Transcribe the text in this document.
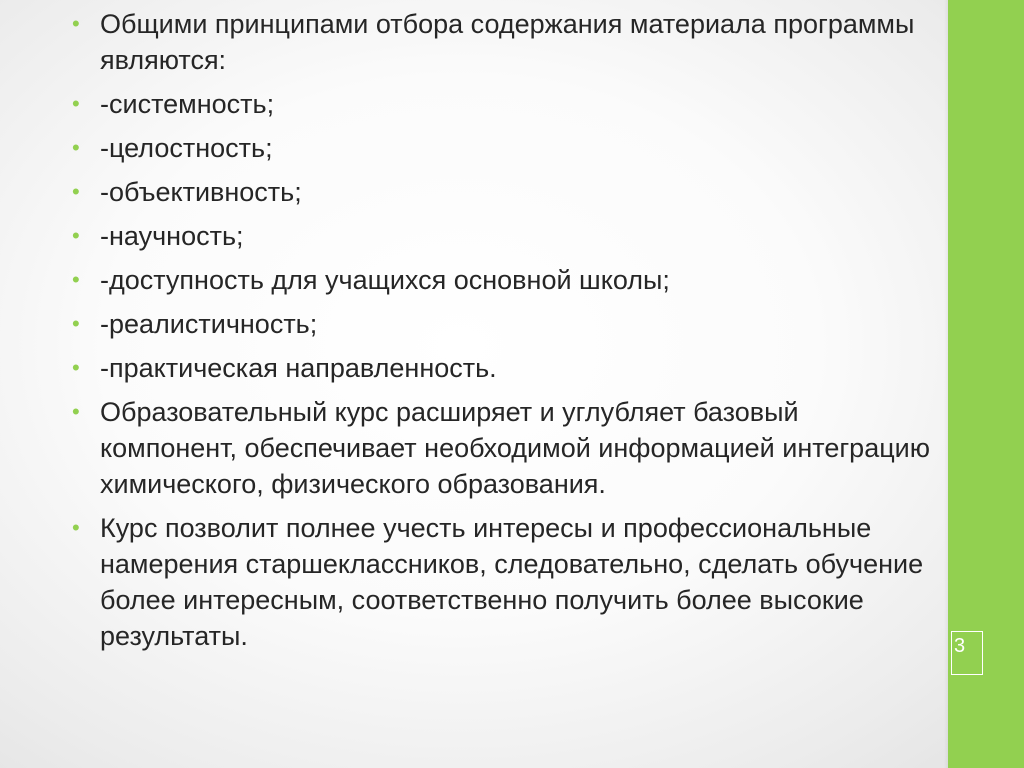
• Общими принципами отбора содержания материала программы являются:
• -системность;
• -целостность;
• -объективность;
• -научность;
• -доступность для учащихся основной школы;
• -реалистичность;
• -практическая направленность.
• Образовательный курс расширяет и углубляет базовый компонент, обеспечивает необходимой информацией интеграцию химического, физического образования.
• Курс позволит полнее учесть интересы и профессиональные намерения старшеклассников, следовательно, сделать обучение более интересным, соответственно получить более высокие результаты.	3
